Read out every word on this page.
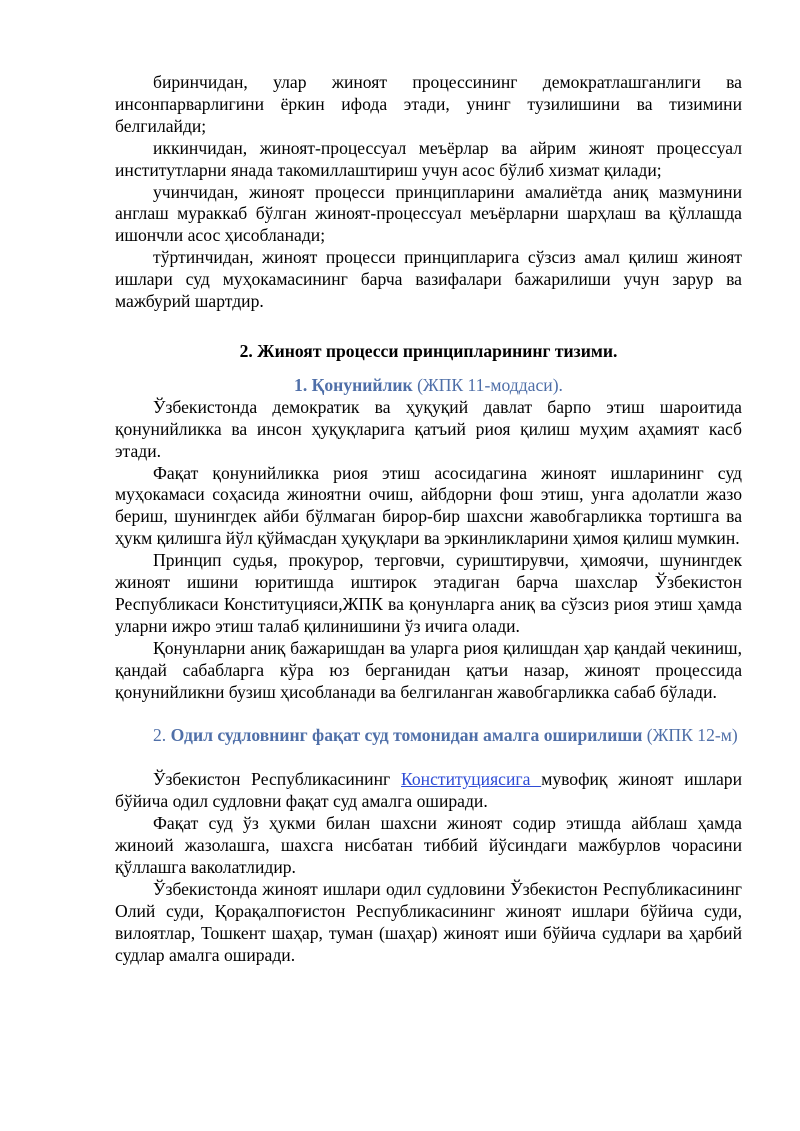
биринчидан, улар жиноят процессининг демократлашганлиги ва инсонпарварлигини ёркин ифода этади, унинг тузилишини ва тизимини белгилайди;

иккинчидан, жиноят-процессуал меъёрлар ва айрим жиноят процессуал институтларни янада такомиллаштириш учун асос бўлиб хизмат қилади;

учинчидан, жиноят процесси принципларини амалиётда аниқ мазмунини англаш мураккаб бўлган жиноят-процессуал меъёрларни шарҳлаш ва қўллашда ишончли асос ҳисобланади;

тўртинчидан, жиноят процесси принципларига сўзсиз амал қилиш жиноят ишлари суд муҳокамасининг барча вазифалари бажарилиши учун зарур ва мажбурий шартдир.

2. Жиноят процесси принципларининг тизими.

1. Қонунийлик (ЖПК 11-моддаси).

Ўзбекистонда демократик ва ҳуқуқий давлат барпо этиш шароитида қонунийликка ва инсон ҳуқуқларига қатъий риоя қилиш муҳим аҳамият касб этади.

Фақат қонунийликка риоя этиш асосидагина жиноят ишларининг суд муҳокамаси соҳасида жиноятни очиш, айбдорни фош этиш, унга адолатли жазо бериш, шунингдек айби бўлмаган бирор-бир шахсни жавобгарликка тортишга ва ҳукм қилишга йўл қўймасдан ҳуқуқлари ва эркинликларини ҳимоя қилиш мумкин.

Принцип судья, прокурор, терговчи, суриштирувчи, ҳимоячи, шунингдек жиноят ишини юритишда иштирок этадиган барча шахслар Ўзбекистон Республикаси Конституцияси,ЖПК ва қонунларга аниқ ва сўзсиз риоя этиш ҳамда уларни ижро этиш талаб қилинишини ўз ичига олади.

Қонунларни аниқ бажаришдан ва уларга риоя қилишдан ҳар қандай чекиниш, қандай сабабларга кўра юз берганидан қатъи назар, жиноят процессида қонунийликни бузиш ҳисобланади ва белгиланган жавобгарликка сабаб бўлади.

2. Одил судловнинг фақат суд томонидан амалга оширилиши (ЖПК 12-м)

Ўзбекистон Республикасининг Конституциясига мувофиқ жиноят ишлари бўйича одил судловни фақат суд амалга оширади.

Фақат суд ўз ҳукми билан шахсни жиноят содир этишда айблаш ҳамда жиноий жазолашга, шахсга нисбатан тиббий йўсиндаги мажбурлов чорасини қўллашга ваколатлидир.

Ўзбекистонда жиноят ишлари одил судловини Ўзбекистон Республикасининг Олий суди, Қорақалпоғистон Республикасининг жиноят ишлари бўйича суди, вилоятлар, Тошкент шаҳар, туман (шаҳар) жиноят иши бўйича судлари ва ҳарбий судлар амалга оширади.
